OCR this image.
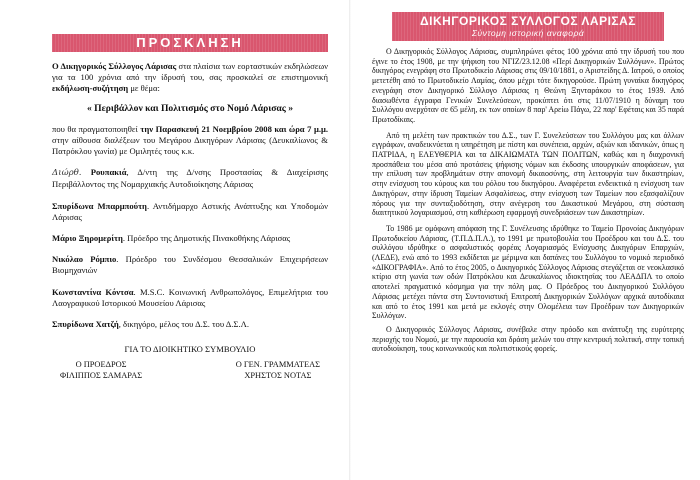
ΠΡΟΣΚΛΗΣΗ

Ο Δικηγορικός Σύλλογος Λάρισας στα πλαίσια των εορταστικών εκδηλώσεων για τα 100 χρόνια από την ίδρυσή του, σας προσκαλεί σε επιστημονική εκδήλωση-συζήτηση με θέμα:

« Περιβάλλον και Πολιτισμός στο Νομό Λάρισας »

που θα πραγματοποιηθεί την Παρασκευή 21 Νοεμβρίου 2008 και ώρα 7 μ.μ. στην αίθουσα διαλέξεων του Μεγάρου Δικηγόρων Λάρισας (Δευκαλίωνος & Πατρόκλου γωνία) με Ομιλητές τους κ.κ.

Διώρθ. Ρουπακιά, Δ/ντη της Δ/νσης Προστασίας & Διαχείρισης Περιβάλλοντος της Νομαρχιακής Αυτοδιοίκησης Λάρισας

Σπυρίδωνα Μπαρμπούτη. Αντιδήμαρχο Αστικής Ανάπτυξης και Υποδομών Λάρισας

Μάριο Ξηρομερίτη. Πρόεδρο της Δημοτικής Πινακοθήκης Λάρισας

Νικόλαο Ρόμπιο. Πρόεδρο του Συνδέσμου Θεσσαλικών Επιχειρήσεων Βιομηχανιών

Κωνσταντίνα Κόντσα. M.S.C. Κοινωνική Ανθρωπολόγος, Επιμελήτρια του Λαογραφικού Ιστορικού Μουσείου Λάρισας

Σπυρίδωνα Χατζή, δικηγόρο, μέλος του Δ.Σ. του Δ.Σ.Λ.

ΓΙΑ ΤΟ ΔΙΟΙΚΗΤΙΚΟ ΣΥΜΒΟΥΛΙΟ
Ο ΠΡΟΕΔΡΟΣ
ΦΙΛΙΠΠΟΣ ΣΑΜΑΡΑΣ
Ο ΓΕΝ. ΓΡΑΜΜΑΤΕΑΣ
ΧΡΗΣΤΟΣ ΝΟΤΑΣ
ΔΙΚΗΓΟΡΙΚΟΣ ΣΥΛΛΟΓΟΣ ΛΑΡΙΣΑΣ
Σύντομη ιστορική αναφορά

Ο Δικηγορικός Σύλλογος Λάρισας, συμπληρώνει φέτος 100 χρόνια από την ίδρυσή του που έγινε το έτος 1908, με την ψήφιση του ΝΓΙΖ/23.12.08 «Περί Δικηγορικών Συλλόγων». Πρώτος δικηγόρος ενεγράφη στο Πρωτοδικείο Λάρισας στις 09/10/1881, ο Αριστείδης Δ. Ιατρού, ο οποίος μετετέθη από το Πρωτοδικείο Λαμίας, όπου μέχρι τότε δικηγορούσε. Πρώτη γυναίκα δικηγόρος ενεγράφη στον Δικηγορικό Σύλλογο Λάρισας η Θεώνη Ξηνταράκου το έτος 1939. Από διασωθέντα έγγραφα Γενικών Συνελεύσεων, προκύπτει ότι στις 11/07/1910 η δύναμη του Συλλόγου ανερχόταν σε 65 μέλη, εκ των οποίων 8 παρ' Αρείω Πάγω, 22 παρ' Εφέταις και 35 παρά Πρωτοδίκαις.

Από τη μελέτη των πρακτικών του Δ.Σ., των Γ. Συνελεύσεων του Συλλόγου μας και άλλων εγγράφων, αναδεικνύεται η υπηρέτηση με πίστη και συνέπεια, αρχών, αξιών και ιδανικών, όπως η ΠΑΤΡΙΔΑ, η ΕΛΕΥΘΕΡΙΑ και τα ΔΙΚΑΙΩΜΑΤΑ ΤΩΝ ΠΟΛΙΤΩΝ, καθώς και η διαχρονική προσπάθεια του μέσα από προτάσεις ψήφισης νόμων και έκδοσης υπουργικών αποφάσεων, για την επίλυση των προβλημάτων στην απονομή δικαιοσύνης, στη λειτουργία των δικαστηρίων, στην ενίσχυση του κύρους και του ρόλου του δικηγόρου. Αναφέρεται ενδεικτικά η ενίσχυση των Δικηγόρων, στην ίδρυση Ταμείων Ασφαλίσεως, στην ενίσχυση των Ταμείων που εξασφαλίζουν πόρους για την συνταξιοδότηση, στην ανέγερση του Δικαστικού Μεγάρου, στη σύσταση διαιτητικού λογαριασμού, στη καθιέρωση εφαρμογή συνεδριάσεων των Δικαστηρίων.

Το 1986 με ομόφωνη απόφαση της Γ. Συνέλευσης ιδρύθηκε το Ταμείο Προνοίας Δικηγόρων Πρωτοδικείου Λάρισας, (Τ.Π.Δ.Π.Λ.), το 1991 με πρωτοβουλία του Προέδρου και του Δ.Σ. του συλλόγου ιδρύθηκε ο ασφαλιστικός φορέας Λογαριασμός Ενίσχυσης Δικηγόρων Επαρχιών, (ΛΕΔΕ), ενώ από το 1993 εκδίδεται με μέριμνα και δαπάνες του Συλλόγου το νομικό περιοδικό «ΔΙΚΟΓΡΑΦΙΑ». Από το έτος 2005, ο Δικηγορικός Σύλλογος Λάρισας στεγάζεται σε νεοκλασικό κτίριο στη γωνία των οδών Πατρόκλου και Δευκαλίωνος ιδιοκτησίας του ΛΕΑΔΠΛ το οποίο αποτελεί πραγματικό κόσμημα για την πόλη μας. Ο Πρόεδρος του Δικηγορικού Συλλόγου Λάρισας μετέχει πάντα στη Συντονιστική Επιτροπή Δικηγορικών Συλλόγων αρχικά αυτοδίκαια και από το έτος 1991 και μετά με εκλογές στην Ολομέλεια των Προέδρων των Δικηγορικών Συλλόγων.

Ο Δικηγορικός Σύλλογος Λάρισας, συνέβαλε στην πρόοδο και ανάπτυξη της ευρύτερης περιοχής του Νομού, με την παρουσία και δράση μελών του στην κεντρική πολιτική, στην τοπική αυτοδιοίκηση, τους κοινωνικούς και πολιτιστικούς φορείς.
